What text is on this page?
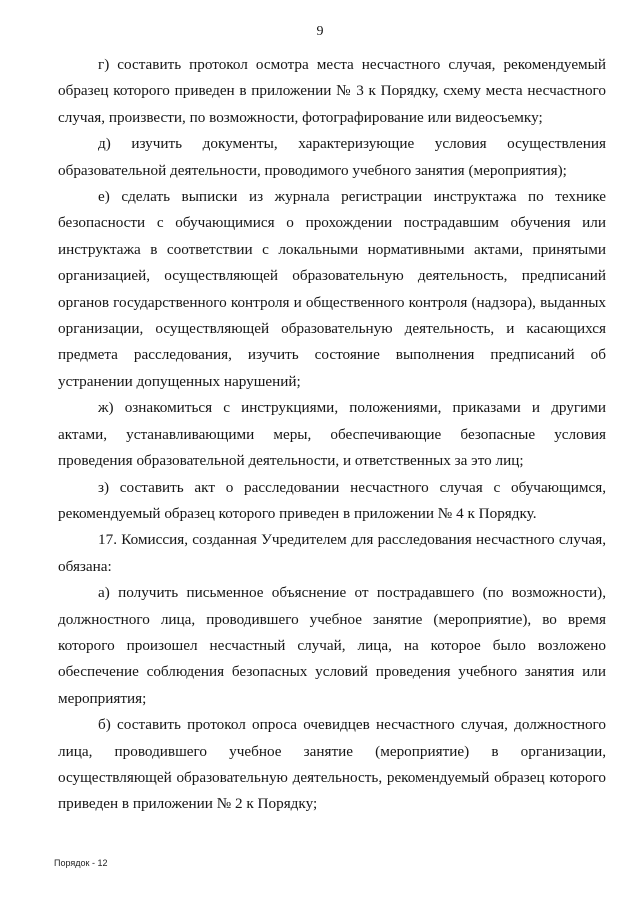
9

г) составить протокол осмотра места несчастного случая, рекомендуемый образец которого приведен в приложении № 3 к Порядку, схему места несчастного случая, произвести, по возможности, фотографирование или видеосъемку;

д) изучить документы, характеризующие условия осуществления образовательной деятельности, проводимого учебного занятия (мероприятия);

е) сделать выписки из журнала регистрации инструктажа по технике безопасности с обучающимися о прохождении пострадавшим обучения или инструктажа в соответствии с локальными нормативными актами, принятыми организацией, осуществляющей образовательную деятельность, предписаний органов государственного контроля и общественного контроля (надзора), выданных организации, осуществляющей образовательную деятельность, и касающихся предмета расследования, изучить состояние выполнения предписаний об устранении допущенных нарушений;

ж) ознакомиться с инструкциями, положениями, приказами и другими актами, устанавливающими меры, обеспечивающие безопасные условия проведения образовательной деятельности, и ответственных за это лиц;

з) составить акт о расследовании несчастного случая с обучающимся, рекомендуемый образец которого приведен в приложении № 4 к Порядку.

17. Комиссия, созданная Учредителем для расследования несчастного случая, обязана:

а) получить письменное объяснение от пострадавшего (по возможности), должностного лица, проводившего учебное занятие (мероприятие), во время которого произошел несчастный случай, лица, на которое было возложено обеспечение соблюдения безопасных условий проведения учебного занятия или мероприятия;

б) составить протокол опроса очевидцев несчастного случая, должностного лица, проводившего учебное занятие (мероприятие) в организации, осуществляющей образовательную деятельность, рекомендуемый образец которого приведен в приложении № 2 к Порядку;

Порядок - 12
